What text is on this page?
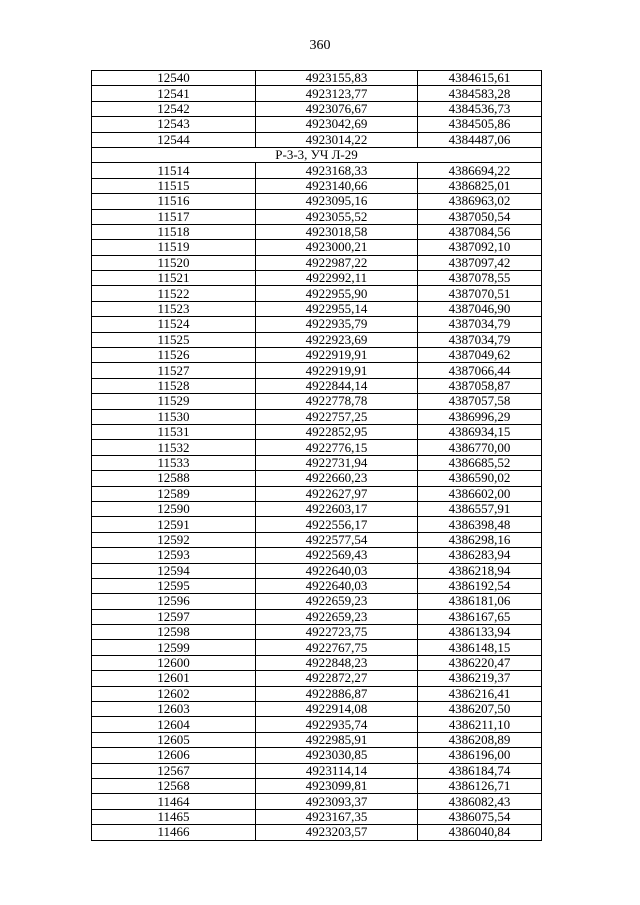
360
12540	4923155,83	4384615,61
12541	4923123,77	4384583,28
12542	4923076,67	4384536,73
12543	4923042,69	4384505,86
12544	4923014,22	4384487,06
Р-3-3, УЧ Л-29		
11514	4923168,33	4386694,22
11515	4923140,66	4386825,01
11516	4923095,16	4386963,02
11517	4923055,52	4387050,54
11518	4923018,58	4387084,56
11519	4923000,21	4387092,10
11520	4922987,22	4387097,42
11521	4922992,11	4387078,55
11522	4922955,90	4387070,51
11523	4922955,14	4387046,90
11524	4922935,79	4387034,79
11525	4922923,69	4387034,79
11526	4922919,91	4387049,62
11527	4922919,91	4387066,44
11528	4922844,14	4387058,87
11529	4922778,78	4387057,58
11530	4922757,25	4386996,29
11531	4922852,95	4386934,15
11532	4922776,15	4386770,00
11533	4922731,94	4386685,52
12588	4922660,23	4386590,02
12589	4922627,97	4386602,00
12590	4922603,17	4386557,91
12591	4922556,17	4386398,48
12592	4922577,54	4386298,16
12593	4922569,43	4386283,94
12594	4922640,03	4386218,94
12595	4922640,03	4386192,54
12596	4922659,23	4386181,06
12597	4922659,23	4386167,65
12598	4922723,75	4386133,94
12599	4922767,75	4386148,15
12600	4922848,23	4386220,47
12601	4922872,27	4386219,37
12602	4922886,87	4386216,41
12603	4922914,08	4386207,50
12604	4922935,74	4386211,10
12605	4922985,91	4386208,89
12606	4923030,85	4386196,00
12567	4923114,14	4386184,74
12568	4923099,81	4386126,71
11464	4923093,37	4386082,43
11465	4923167,35	4386075,54
11466	4923203,57	4386040,84
